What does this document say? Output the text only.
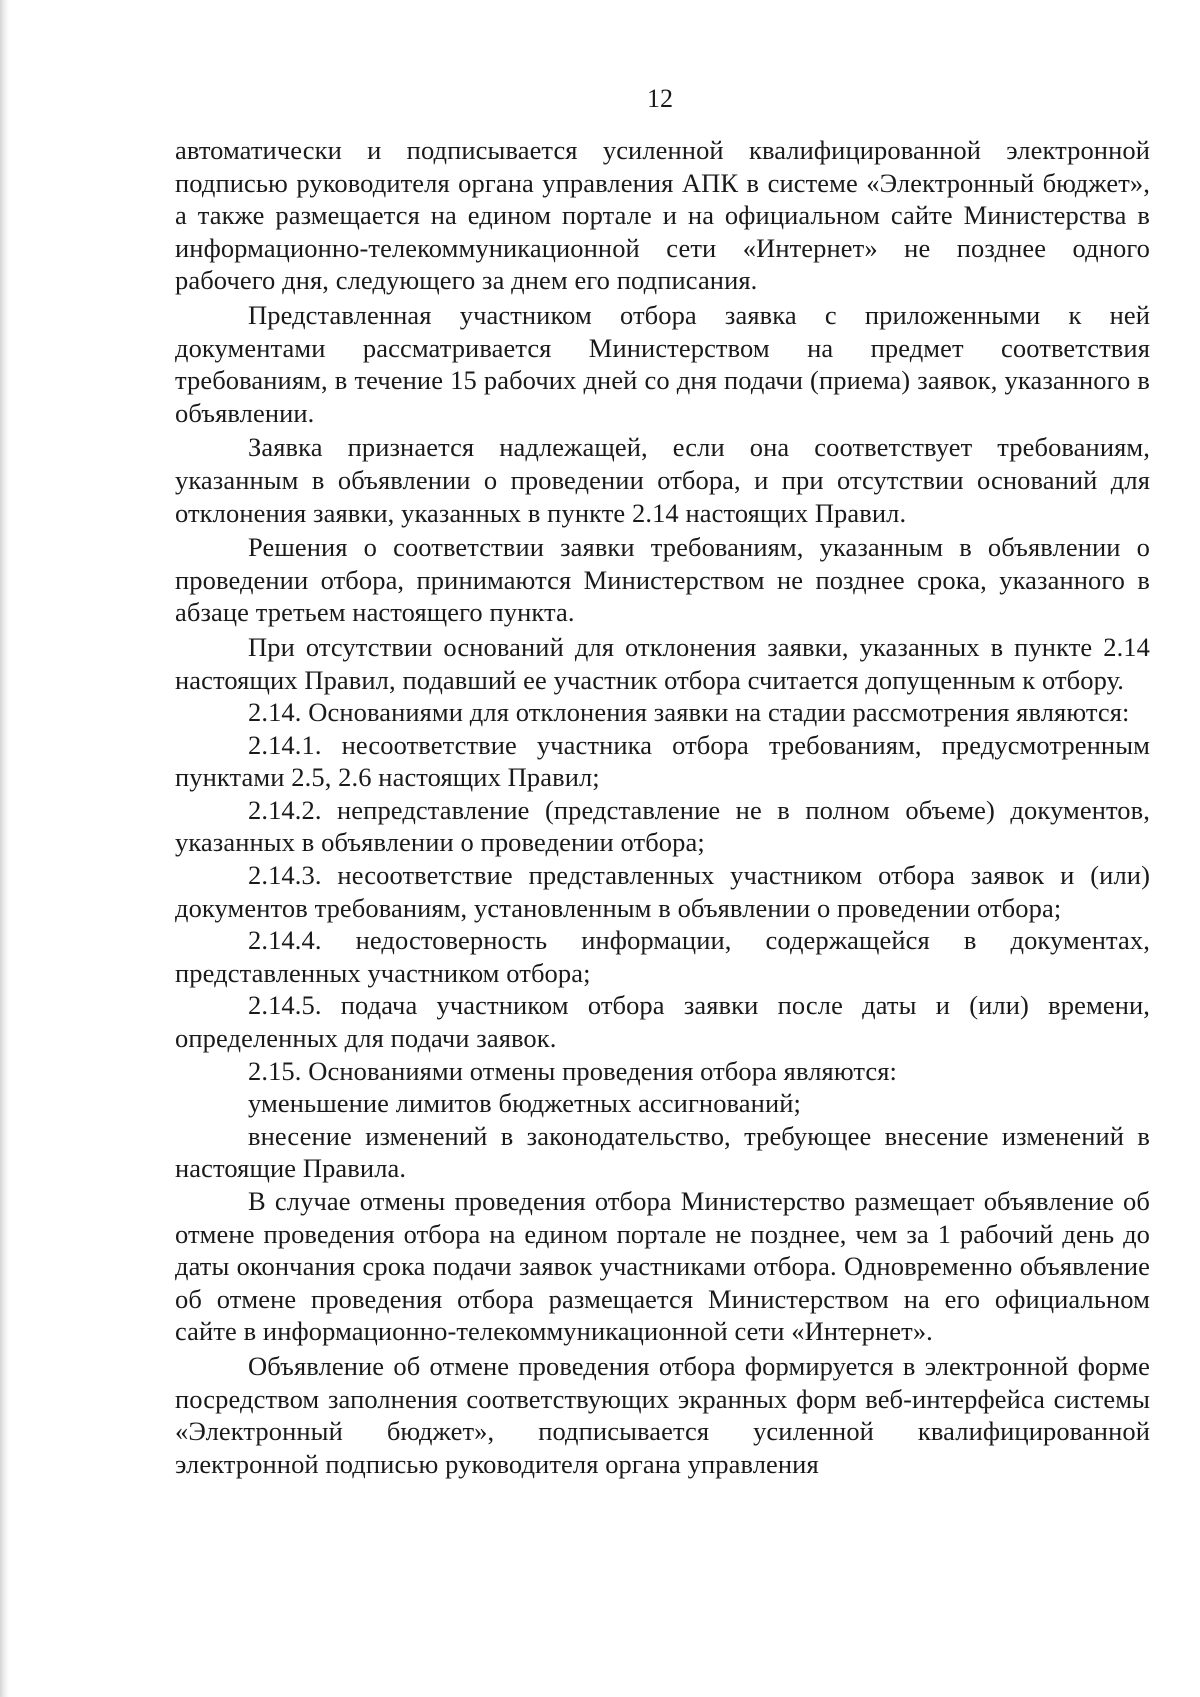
12

автоматически и подписывается усиленной квалифицированной электронной подписью руководителя органа управления АПК в системе «Электронный бюджет», а также размещается на едином портале и на официальном сайте Министерства в информационно-телекоммуникационной сети «Интернет» не позднее одного рабочего дня, следующего за днем его подписания.

Представленная участником отбора заявка с приложенными к ней документами рассматривается Министерством на предмет соответствия требованиям, в течение 15 рабочих дней со дня подачи (приема) заявок, указанного в объявлении.

Заявка признается надлежащей, если она соответствует требованиям, указанным в объявлении о проведении отбора, и при отсутствии оснований для отклонения заявки, указанных в пункте 2.14 настоящих Правил.

Решения о соответствии заявки требованиям, указанным в объявлении о проведении отбора, принимаются Министерством не позднее срока, указанного в абзаце третьем настоящего пункта.

При отсутствии оснований для отклонения заявки, указанных в пункте 2.14 настоящих Правил, подавший ее участник отбора считается допущенным к отбору.

2.14. Основаниями для отклонения заявки на стадии рассмотрения являются:

2.14.1. несоответствие участника отбора требованиям, предусмотренным пунктами 2.5, 2.6 настоящих Правил;

2.14.2. непредставление (представление не в полном объеме) документов, указанных в объявлении о проведении отбора;

2.14.3. несоответствие представленных участником отбора заявок и (или) документов требованиям, установленным в объявлении о проведении отбора;

2.14.4. недостоверность информации, содержащейся в документах, представленных участником отбора;

2.14.5. подача участником отбора заявки после даты и (или) времени, определенных для подачи заявок.

2.15. Основаниями отмены проведения отбора являются:

уменьшение лимитов бюджетных ассигнований;

внесение изменений в законодательство, требующее внесение изменений в настоящие Правила.

В случае отмены проведения отбора Министерство размещает объявление об отмене проведения отбора на едином портале не позднее, чем за 1 рабочий день до даты окончания срока подачи заявок участниками отбора. Одновременно объявление об отмене проведения отбора размещается Министерством на его официальном сайте в информационно-телекоммуникационной сети «Интернет».

Объявление об отмене проведения отбора формируется в электронной форме посредством заполнения соответствующих экранных форм веб-интерфейса системы «Электронный бюджет», подписывается усиленной квалифицированной электронной подписью руководителя органа управления
